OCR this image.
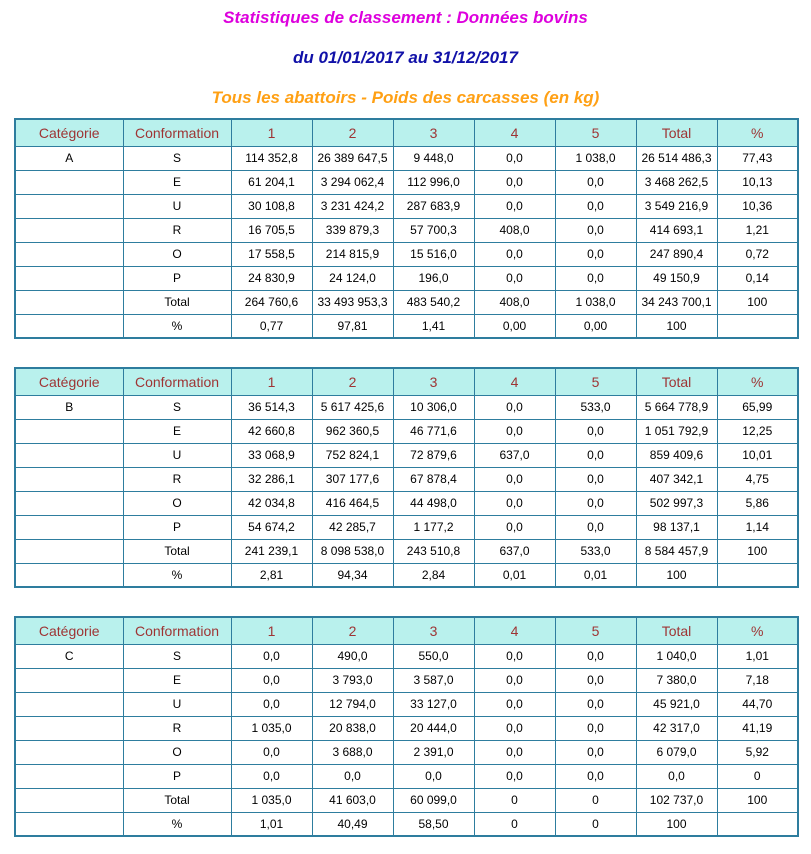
Statistiques de classement : Données bovins
du 01/01/2017 au 31/12/2017
Tous les abattoirs - Poids des carcasses (en kg)
Catégorie	Conformation	1	2	3	4	5	Total	%
A	S	114 352,8	26 389 647,5	9 448,0	0,0	1 038,0	26 514 486,3	77,43
	E	61 204,1	3 294 062,4	112 996,0	0,0	0,0	3 468 262,5	10,13
	U	30 108,8	3 231 424,2	287 683,9	0,0	0,0	3 549 216,9	10,36
	R	16 705,5	339 879,3	57 700,3	408,0	0,0	414 693,1	1,21
	O	17 558,5	214 815,9	15 516,0	0,0	0,0	247 890,4	0,72
	P	24 830,9	24 124,0	196,0	0,0	0,0	49 150,9	0,14
	Total	264 760,6	33 493 953,3	483 540,2	408,0	1 038,0	34 243 700,1	100
	%	0,77	97,81	1,41	0,00	0,00	100	
Catégorie	Conformation	1	2	3	4	5	Total	%
B	S	36 514,3	5 617 425,6	10 306,0	0,0	533,0	5 664 778,9	65,99
	E	42 660,8	962 360,5	46 771,6	0,0	0,0	1 051 792,9	12,25
	U	33 068,9	752 824,1	72 879,6	637,0	0,0	859 409,6	10,01
	R	32 286,1	307 177,6	67 878,4	0,0	0,0	407 342,1	4,75
	O	42 034,8	416 464,5	44 498,0	0,0	0,0	502 997,3	5,86
	P	54 674,2	42 285,7	1 177,2	0,0	0,0	98 137,1	1,14
	Total	241 239,1	8 098 538,0	243 510,8	637,0	533,0	8 584 457,9	100
	%	2,81	94,34	2,84	0,01	0,01	100	
Catégorie	Conformation	1	2	3	4	5	Total	%
C	S	0,0	490,0	550,0	0,0	0,0	1 040,0	1,01
	E	0,0	3 793,0	3 587,0	0,0	0,0	7 380,0	7,18
	U	0,0	12 794,0	33 127,0	0,0	0,0	45 921,0	44,70
	R	1 035,0	20 838,0	20 444,0	0,0	0,0	42 317,0	41,19
	O	0,0	3 688,0	2 391,0	0,0	0,0	6 079,0	5,92
	P	0,0	0,0	0,0	0,0	0,0	0,0	0
	Total	1 035,0	41 603,0	60 099,0	0	0	102 737,0	100
	%	1,01	40,49	58,50	0	0	100	
